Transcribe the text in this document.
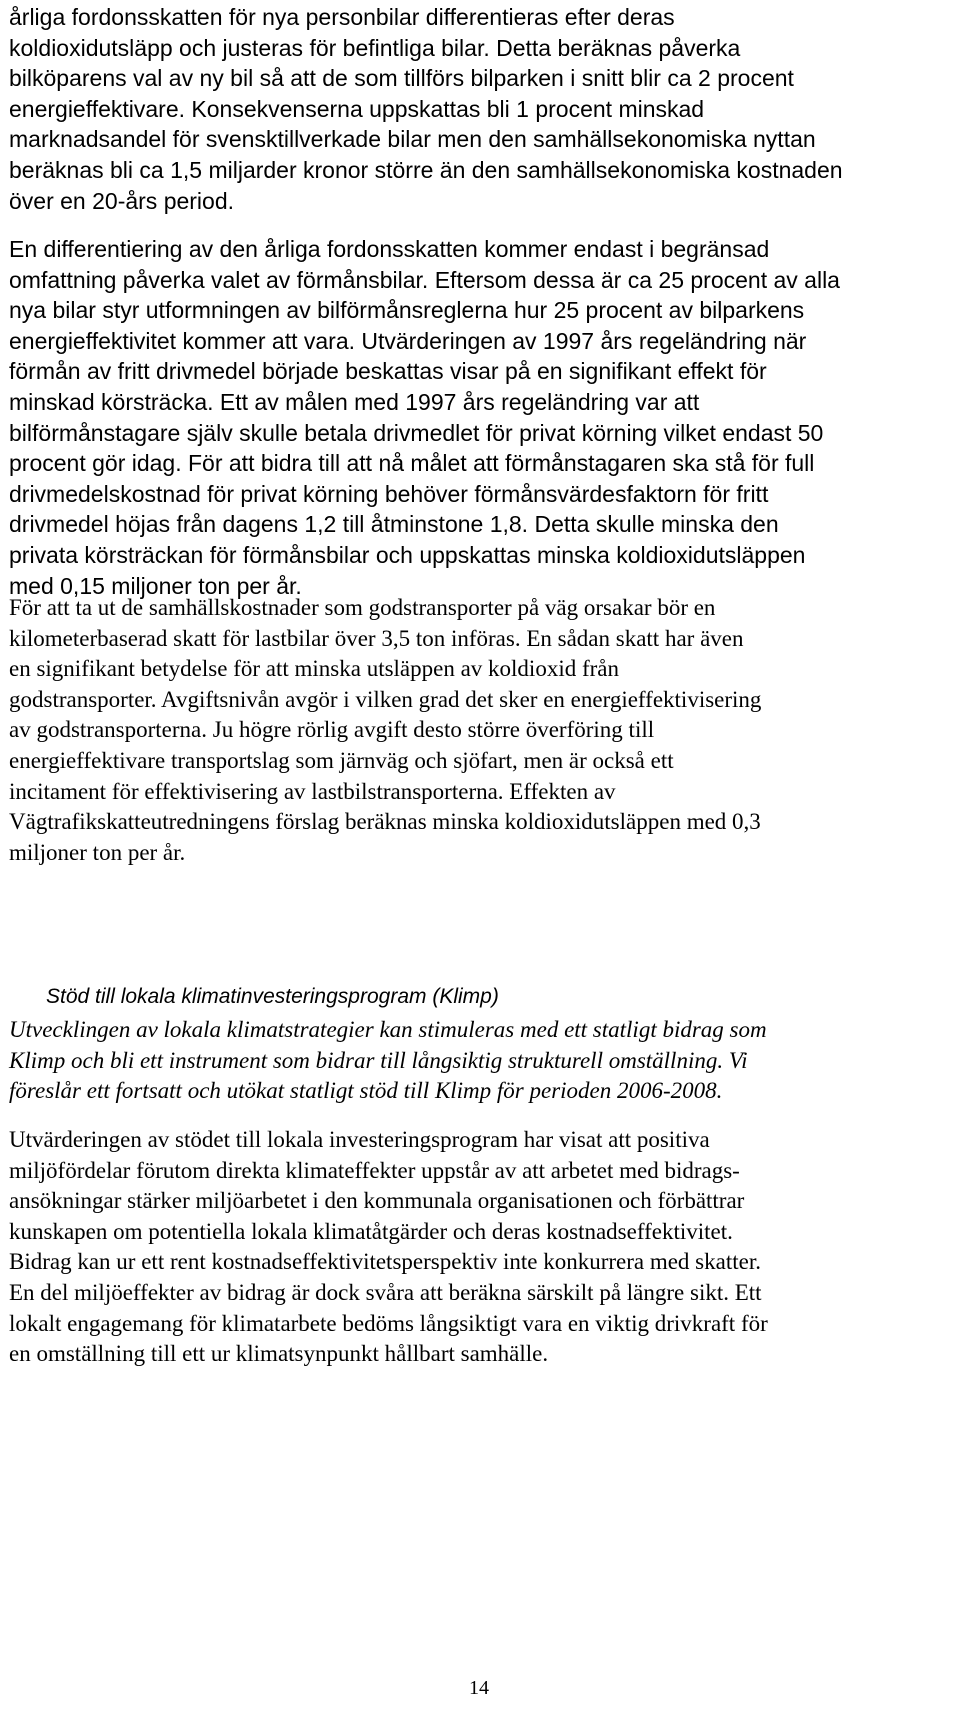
årliga fordonsskatten för nya personbilar differentieras efter deras
koldioxidutsläpp och justeras för befintliga bilar. Detta beräknas påverka
bilköparens val av ny bil så att de som tillförs bilparken i snitt blir ca 2 procent
energieffektivare. Konsekvenserna uppskattas bli 1 procent minskad
marknadsandel för svensktillverkade bilar men den samhällsekonomiska nyttan
beräknas bli ca 1,5 miljarder kronor större än den samhällsekonomiska kostnaden
över en 20-års period.
En differentiering av den årliga fordonsskatten kommer endast i begränsad
omfattning påverka valet av förmånsbilar. Eftersom dessa är ca 25 procent av alla
nya bilar styr utformningen av bilförmånsreglerna hur 25 procent av bilparkens
energieffektivitet kommer att vara. Utvärderingen av 1997 års regeländring när
förmån av fritt drivmedel började beskattas visar på en signifikant effekt för
minskad körsträcka. Ett av målen med 1997 års regeländring var att
bilförmånstagare själv skulle betala drivmedlet för privat körning vilket endast 50
procent gör idag. För att bidra till att nå målet att förmånstagaren ska stå för full
drivmedelskostnad för privat körning behöver förmånsvärdesfaktorn för fritt
drivmedel höjas från dagens 1,2 till åtminstone 1,8. Detta skulle minska den
privata körsträckan för förmånsbilar och uppskattas minska koldioxidutsläppen
med 0,15 miljoner ton per år.
För att ta ut de samhällskostnader som godstransporter på väg orsakar bör en
kilometerbaserad skatt för lastbilar över 3,5 ton införas. En sådan skatt har även
en signifikant betydelse för att minska utsläppen av koldioxid från
godstransporter. Avgiftsnivån avgör i vilken grad det sker en energieffektivisering
av godstransporterna. Ju högre rörlig avgift desto större överföring till
energieffektivare transportslag som järnväg och sjöfart, men är också ett
incitament för effektivisering av lastbilstransporterna. Effekten av
Vägtrafikskatteutredningens förslag beräknas minska koldioxidutsläppen med 0,3
miljoner ton per år.
Stöd till lokala klimatinvesteringsprogram (Klimp)
Utvecklingen av lokala klimatstrategier kan stimuleras med ett statligt bidrag som
Klimp och bli ett instrument som bidrar till långsiktig strukturell omställning. Vi
föreslår ett fortsatt och utökat statligt stöd till Klimp för perioden 2006-2008.
Utvärderingen av stödet till lokala investeringsprogram har visat att positiva
miljöfördelar förutom direkta klimateffekter uppstår av att arbetet med bidrags-
ansökningar stärker miljöarbetet i den kommunala organisationen och förbättrar
kunskapen om potentiella lokala klimatåtgärder och deras kostnadseffektivitet.
Bidrag kan ur ett rent kostnadseffektivitetsperspektiv inte konkurrera med skatter.
En del miljöeffekter av bidrag är dock svåra att beräkna särskilt på längre sikt. Ett
lokalt engagemang för klimatarbete bedöms långsiktigt vara en viktig drivkraft för
en omställning till ett ur klimatsynpunkt hållbart samhälle.
14
